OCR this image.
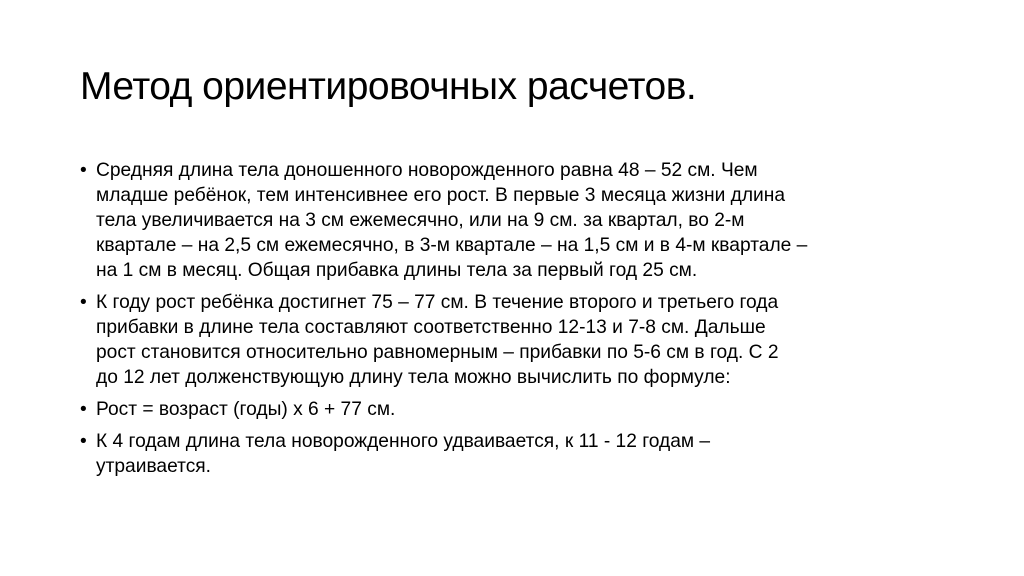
Метод ориентировочных расчетов.
• Средняя длина тела доношенного новорожденного равна 48 – 52 см. Чем
младше ребёнок, тем интенсивнее его рост. В первые 3 месяца жизни длина
тела увеличивается на 3 см ежемесячно, или на 9 см. за квартал, во 2-м
квартале – на 2,5 см ежемесячно, в 3-м квартале – на 1,5 см и в 4-м квартале –
на 1 см в месяц. Общая прибавка длины тела за первый год 25 см.
• К году рост ребёнка достигнет 75 – 77 см. В течение второго и третьего года
прибавки в длине тела составляют соответственно 12-13 и 7-8 см. Дальше
рост становится относительно равномерным – прибавки по 5-6 см в год. С 2
до 12 лет долженствующую длину тела можно вычислить по формуле:
• Рост = возраст (годы) х 6 + 77 см.
• К 4 годам длина тела новорожденного удваивается, к 11 - 12 годам –
утраивается.
